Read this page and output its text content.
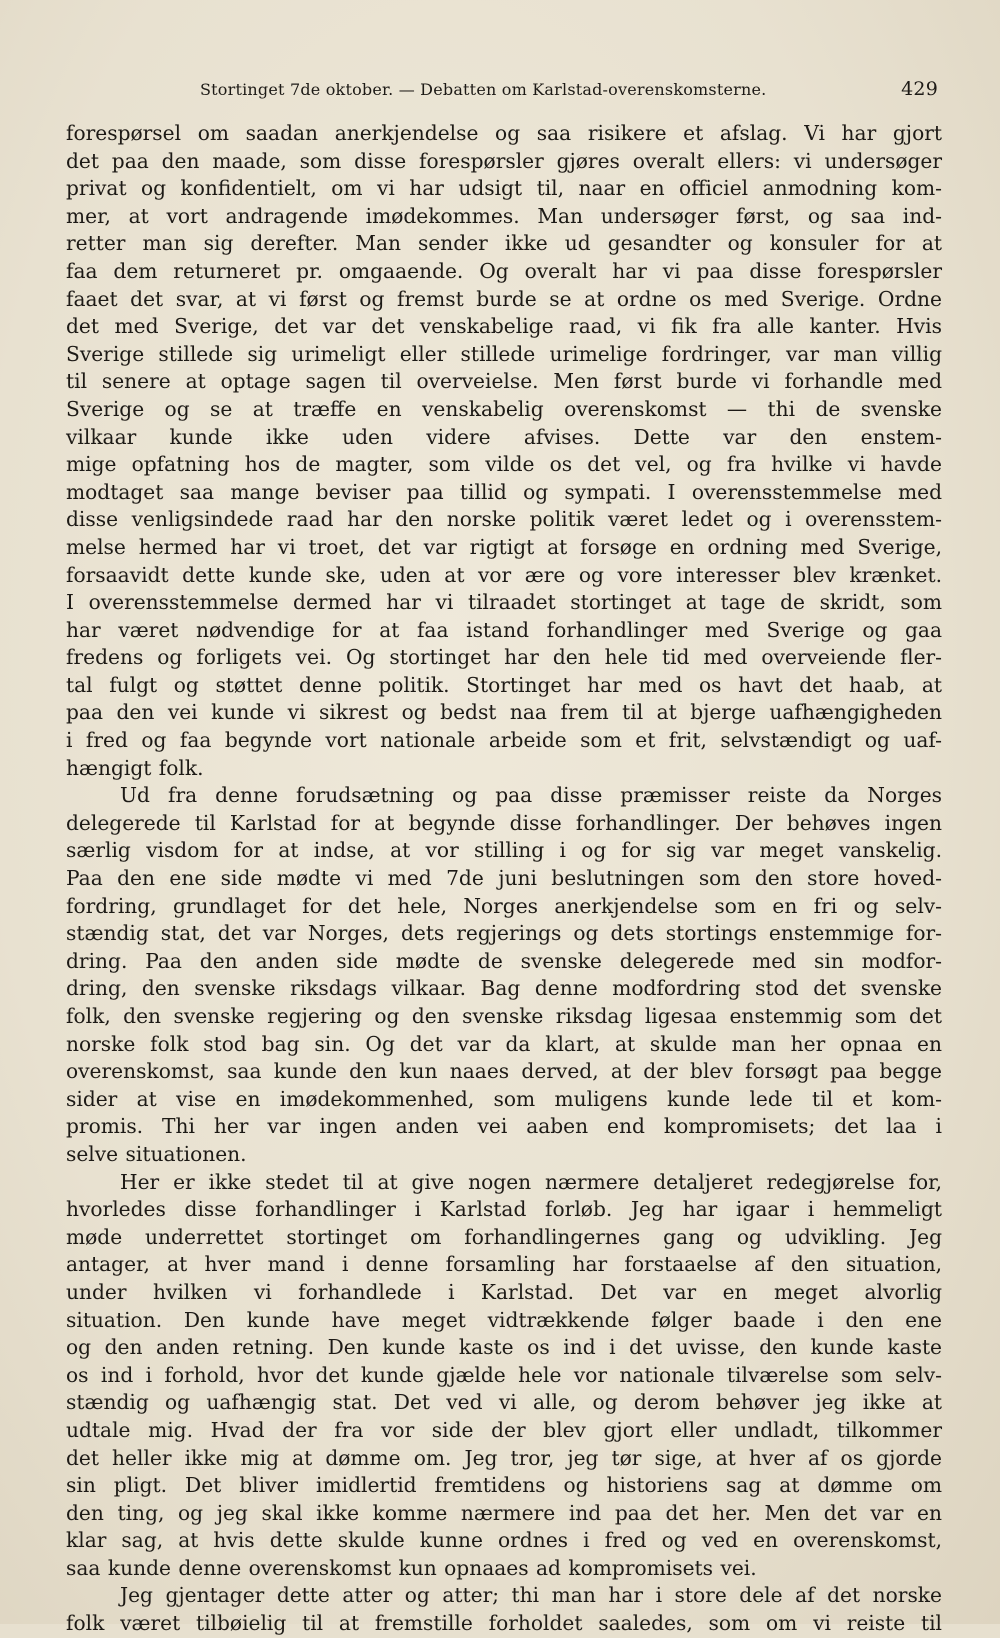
Stortinget 7de oktober. — Debatten om Karlstad-overenskomsterne.	429
forespørsel om saadan anerkjendelse og saa risikere et afslag. Vi har gjort
det paa den maade, som disse forespørsler gjøres overalt ellers: vi undersøger
privat og konfidentielt, om vi har udsigt til, naar en officiel anmodning kom-
mer, at vort andragende imødekommes. Man undersøger først, og saa ind-
retter man sig derefter. Man sender ikke ud gesandter og konsuler for at
faa dem returneret pr. omgaaende. Og overalt har vi paa disse forespørsler
faaet det svar, at vi først og fremst burde se at ordne os med Sverige. Ordne
det med Sverige, det var det venskabelige raad, vi fik fra alle kanter. Hvis
Sverige stillede sig urimeligt eller stillede urimelige fordringer, var man villig
til senere at optage sagen til overveielse. Men først burde vi forhandle med
Sverige og se at træffe en venskabelig overenskomst — thi de svenske
vilkaar kunde ikke uden videre afvises. Dette var den enstem-
mige opfatning hos de magter, som vilde os det vel, og fra hvilke vi havde
modtaget saa mange beviser paa tillid og sympati. I overensstemmelse med
disse venligsindede raad har den norske politik været ledet og i overensstem-
melse hermed har vi troet, det var rigtigt at forsøge en ordning med Sverige,
forsaavidt dette kunde ske, uden at vor ære og vore interesser blev krænket.
I overensstemmelse dermed har vi tilraadet stortinget at tage de skridt, som
har været nødvendige for at faa istand forhandlinger med Sverige og gaa
fredens og forligets vei. Og stortinget har den hele tid med overveiende fler-
tal fulgt og støttet denne politik. Stortinget har med os havt det haab, at
paa den vei kunde vi sikrest og bedst naa frem til at bjerge uafhængigheden
i fred og faa begynde vort nationale arbeide som et frit, selvstændigt og uaf-
hængigt folk.
Ud fra denne forudsætning og paa disse præmisser reiste da Norges
delegerede til Karlstad for at begynde disse forhandlinger. Der behøves ingen
særlig visdom for at indse, at vor stilling i og for sig var meget vanskelig.
Paa den ene side mødte vi med 7de juni beslutningen som den store hoved-
fordring, grundlaget for det hele, Norges anerkjendelse som en fri og selv-
stændig stat, det var Norges, dets regjerings og dets stortings enstemmige for-
dring. Paa den anden side mødte de svenske delegerede med sin modfor-
dring, den svenske riksdags vilkaar. Bag denne modfordring stod det svenske
folk, den svenske regjering og den svenske riksdag ligesaa enstemmig som det
norske folk stod bag sin. Og det var da klart, at skulde man her opnaa en
overenskomst, saa kunde den kun naaes derved, at der blev forsøgt paa begge
sider at vise en imødekommenhed, som muligens kunde lede til et kom-
promis. Thi her var ingen anden vei aaben end kompromisets; det laa i
selve situationen.
Her er ikke stedet til at give nogen nærmere detaljeret redegjørelse for,
hvorledes disse forhandlinger i Karlstad forløb. Jeg har igaar i hemmeligt
møde underrettet stortinget om forhandlingernes gang og udvikling. Jeg
antager, at hver mand i denne forsamling har forstaaelse af den situation,
under hvilken vi forhandlede i Karlstad. Det var en meget alvorlig
situation. Den kunde have meget vidtrækkende følger baade i den ene
og den anden retning. Den kunde kaste os ind i det uvisse, den kunde kaste
os ind i forhold, hvor det kunde gjælde hele vor nationale tilværelse som selv-
stændig og uafhængig stat. Det ved vi alle, og derom behøver jeg ikke at
udtale mig. Hvad der fra vor side der blev gjort eller undladt, tilkommer
det heller ikke mig at dømme om. Jeg tror, jeg tør sige, at hver af os gjorde
sin pligt. Det bliver imidlertid fremtidens og historiens sag at dømme om
den ting, og jeg skal ikke komme nærmere ind paa det her. Men det var en
klar sag, at hvis dette skulde kunne ordnes i fred og ved en overenskomst,
saa kunde denne overenskomst kun opnaaes ad kompromisets vei.
Jeg gjentager dette atter og atter; thi man har i store dele af det norske
folk været tilbøielig til at fremstille forholdet saaledes, som om vi reiste til
